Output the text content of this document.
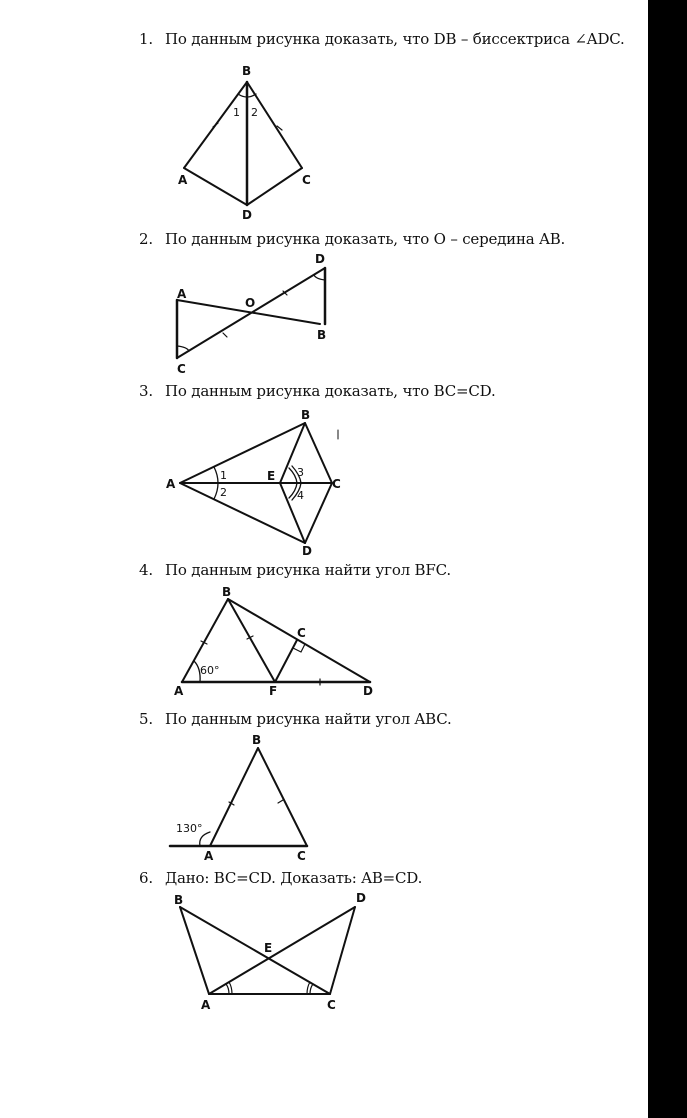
1. По данным рисунка доказать, что DB – биссектриса ∠ADC.
B
A	C
D
1 2
2. По данным рисунка доказать, что O – середина AB.
A
O
D
B
C
3. По данным рисунка доказать, что BC=CD.
B
A
E
C
D
1
2
3
4
4. По данным рисунка найти угол BFC.
B
C
A	F	D
60°
5. По данным рисунка найти угол ABC.
B
A	C
130°
6. Дано: BC=CD. Доказать: AB=CD.
B	D
E
A	C
